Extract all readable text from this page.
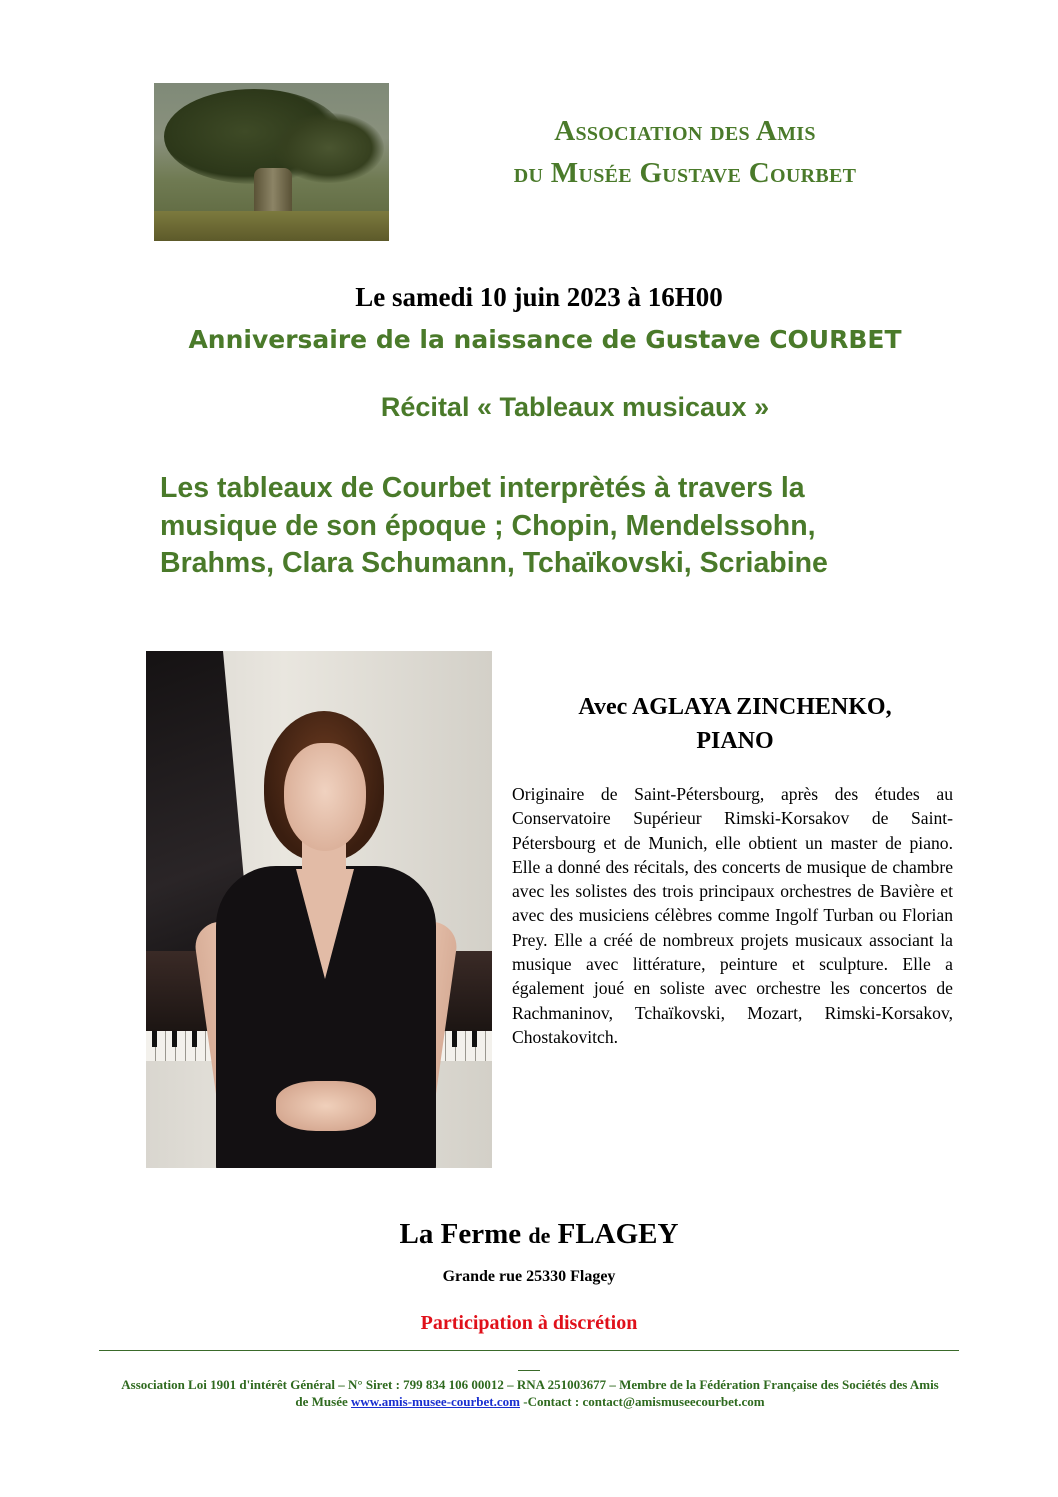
Association des Amis
du Musée Gustave Courbet
Le samedi 10 juin 2023 à 16H00
Anniversaire de la naissance de Gustave COURBET
Récital « Tableaux musicaux »
Les tableaux de Courbet interprètés à travers la
musique de son époque ; Chopin, Mendelssohn,
Brahms, Clara Schumann, Tchaïkovski, Scriabine
Avec AGLAYA ZINCHENKO,
PIANO
Originaire de Saint-Pétersbourg, après des études au Conservatoire Supérieur Rimski-Korsakov de Saint-Pétersbourg et de Munich, elle obtient un master de piano. Elle a donné des récitals, des concerts de musique de chambre avec les solistes des trois principaux orchestres de Bavière et avec des musiciens célèbres comme Ingolf Turban ou Florian Prey. Elle a créé de nombreux projets musicaux associant la musique avec littérature, peinture et sculpture. Elle a également joué en soliste avec orchestre les concertos de Rachmaninov, Tchaïkovski, Mozart, Rimski-Korsakov, Chostakovitch.
La Ferme de FLAGEY
Grande rue 25330 Flagey
Participation à discrétion
Association Loi 1901 d'intérêt Général – N° Siret : 799 834 106 00012 – RNA 251003677 – Membre de la Fédération Française des Sociétés des Amis
de Musée www.amis-musee-courbet.com -Contact : contact@amismuseecourbet.com
